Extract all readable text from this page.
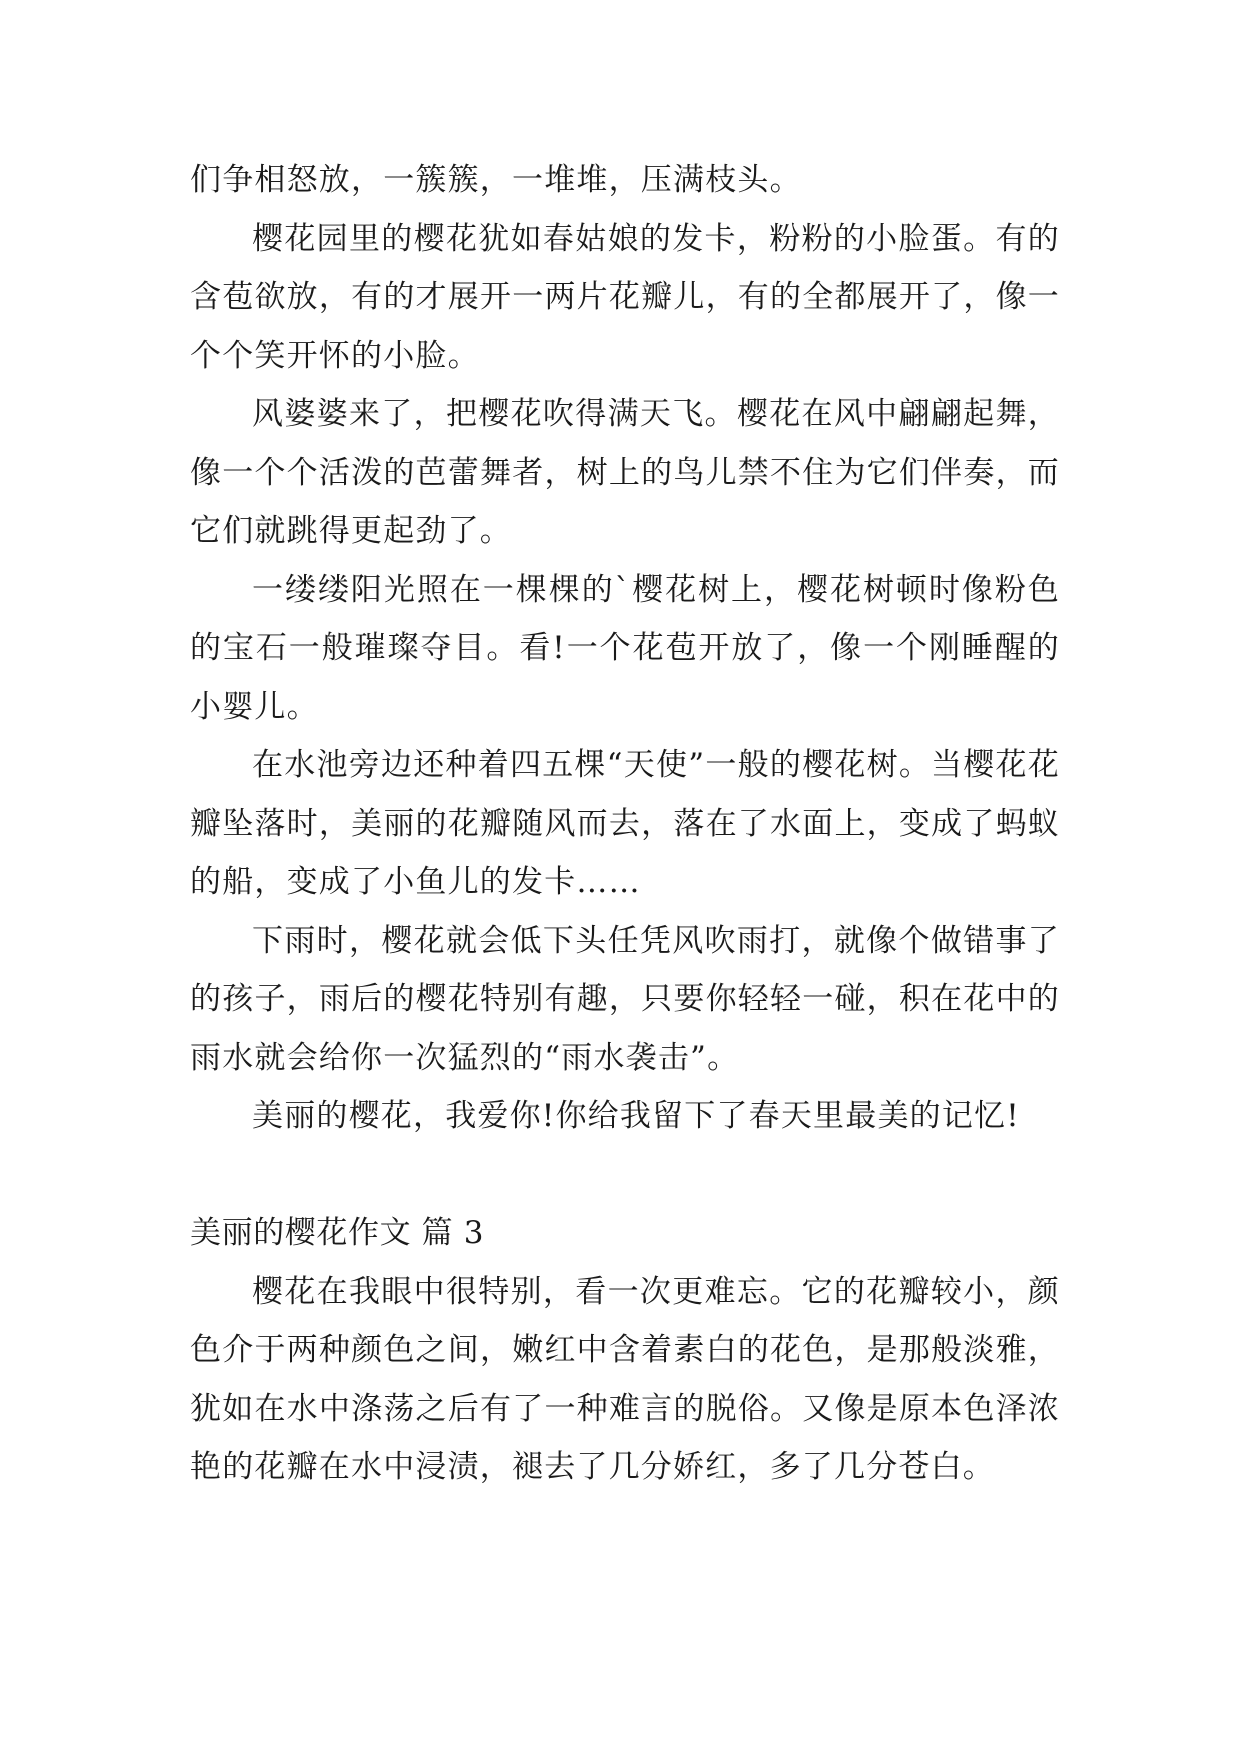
们争相怒放，一簇簇，一堆堆，压满枝头。

樱花园里的樱花犹如春姑娘的发卡，粉粉的小脸蛋。有的含苞欲放，有的才展开一两片花瓣儿，有的全都展开了，像一个个笑开怀的小脸。

风婆婆来了，把樱花吹得满天飞。樱花在风中翩翩起舞，像一个个活泼的芭蕾舞者，树上的鸟儿禁不住为它们伴奏，而它们就跳得更起劲了。

一缕缕阳光照在一棵棵的`樱花树上，樱花树顿时像粉色的宝石一般璀璨夺目。看!一个花苞开放了，像一个刚睡醒的小婴儿。

在水池旁边还种着四五棵“天使”一般的樱花树。当樱花花瓣坠落时，美丽的花瓣随风而去，落在了水面上，变成了蚂蚁的船，变成了小鱼儿的发卡……

下雨时，樱花就会低下头任凭风吹雨打，就像个做错事了的孩子，雨后的樱花特别有趣，只要你轻轻一碰，积在花中的雨水就会给你一次猛烈的“雨水袭击”。

美丽的樱花，我爱你!你给我留下了春天里最美的记忆!

美丽的樱花作文 篇 3

樱花在我眼中很特别，看一次更难忘。它的花瓣较小，颜色介于两种颜色之间，嫩红中含着素白的花色，是那般淡雅，犹如在水中涤荡之后有了一种难言的脱俗。又像是原本色泽浓艳的花瓣在水中浸渍，褪去了几分娇红，多了几分苍白。
